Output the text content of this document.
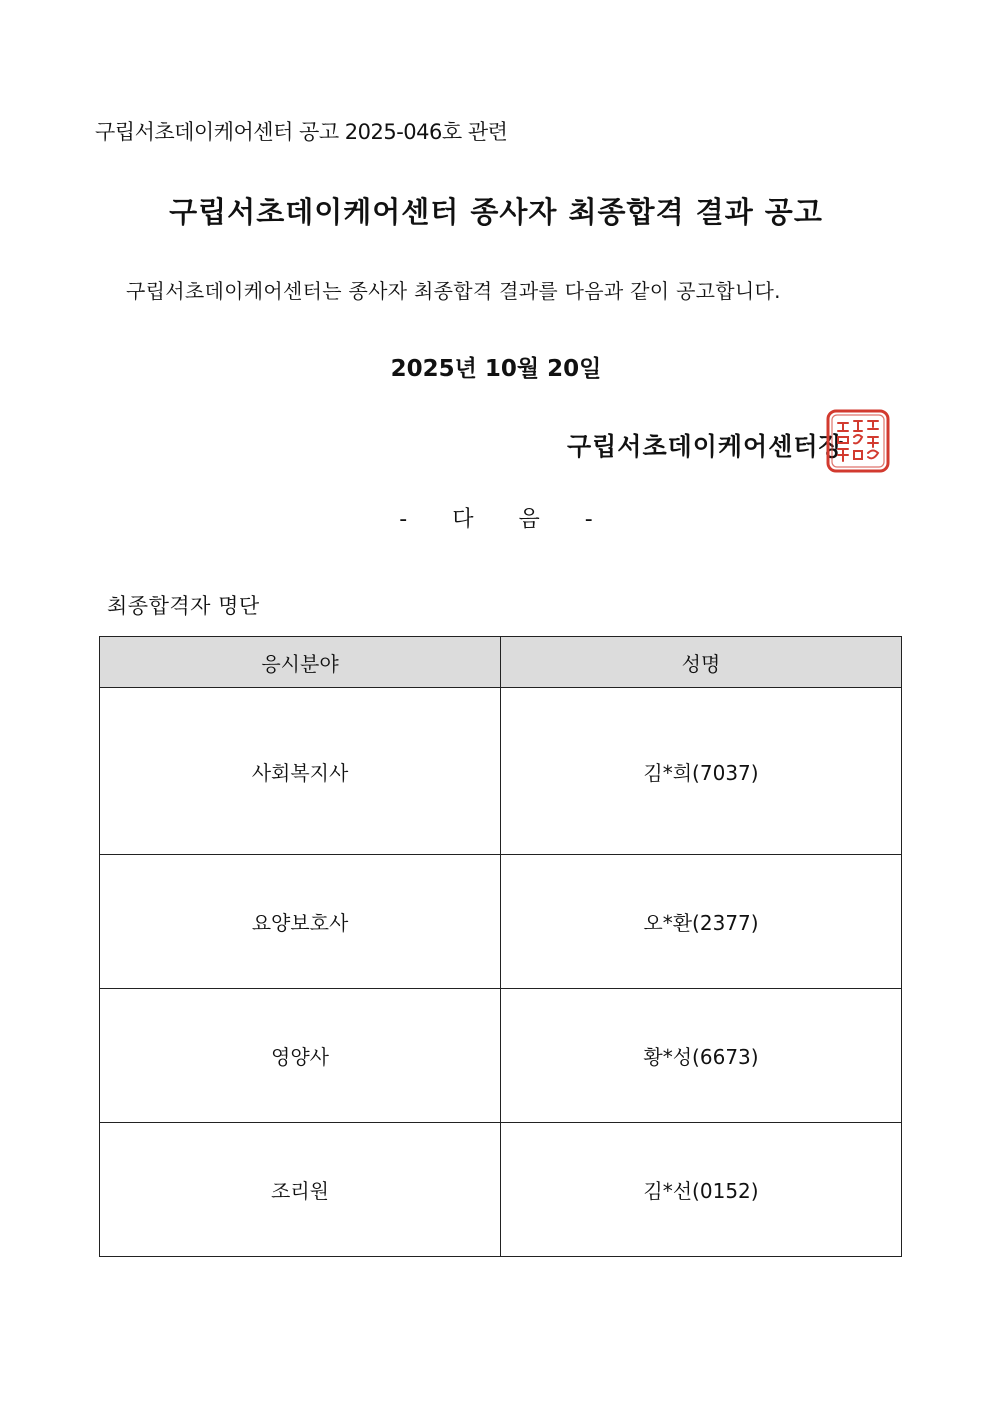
구립서초데이케어센터 공고 2025-046호 관련
구립서초데이케어센터 종사자 최종합격 결과 공고
구립서초데이케어센터는 종사자 최종합격 결과를 다음과 같이 공고합니다.
2025년 10월 20일
구립서초데이케어센터장
- 다 음 -
최종합격자 명단
응시분야	성명
사회복지사	김*희(7037)
요양보호사	오*환(2377)
영양사	황*성(6673)
조리원	김*선(0152)
